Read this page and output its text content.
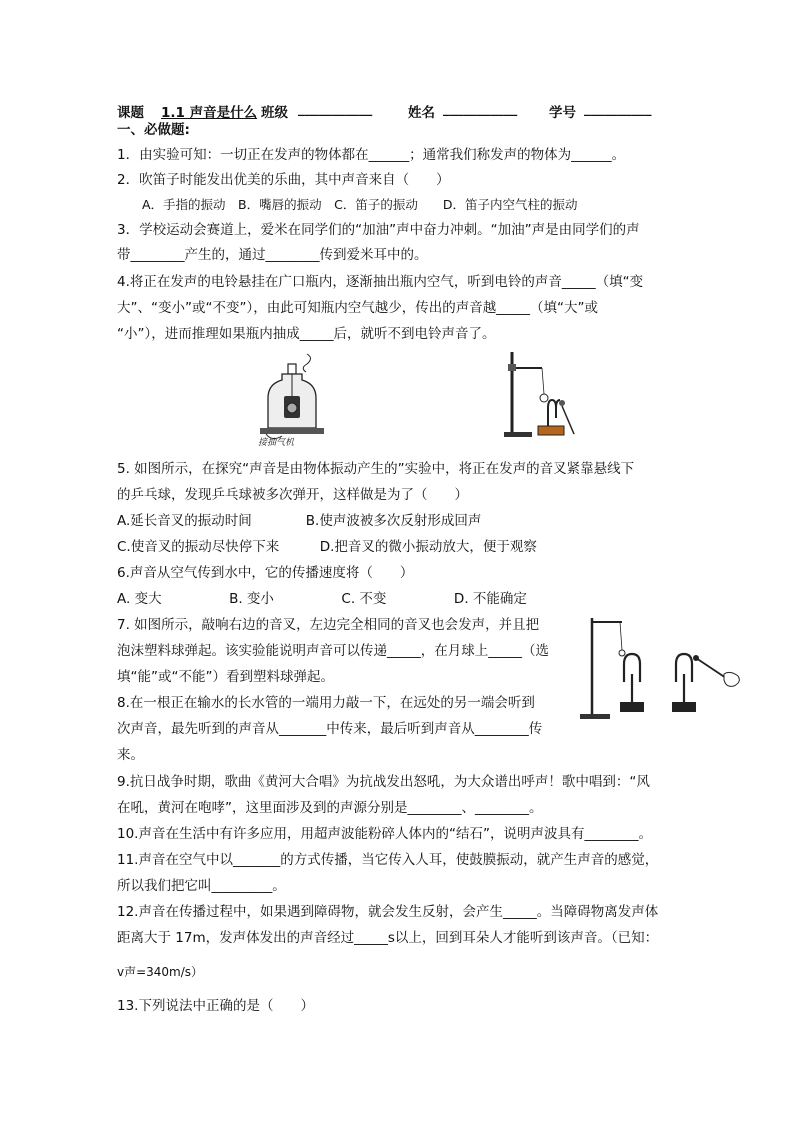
课题 1.1 声音是什么 班级 ___________	姓名 ___________ 学号 __________
一、必做题:
1．由实验可知：一切正在发声的物体都在______；通常我们称发声的物体为______。
2．吹笛子时能发出优美的乐曲，其中声音来自（　　）
　　A．手指的振动　B．嘴唇的振动　C．笛子的振动　　D．笛子内空气柱的振动
3．学校运动会赛道上，爱米在同学们的“加油”声中奋力冲刺。“加油”声是由同学们的声
带________产生的，通过________传到爱米耳中的。
4.将正在发声的电铃悬挂在广口瓶内，逐渐抽出瓶内空气，听到电铃的声音_____（填“变
大”、“变小”或“不变”），由此可知瓶内空气越少，传出的声音越_____（填“大”或
“小”），进而推理如果瓶内抽成_____后，就听不到电铃声音了。
接抽气机
5. 如图所示，在探究“声音是由物体振动产生的”实验中，将正在发声的音叉紧靠悬线下
的乒乓球，发现乒乓球被多次弹开，这样做是为了（　　）
A.延长音叉的振动时间　　　　B.使声波被多次反射形成回声
C.使音叉的振动尽快停下来　　　D.把音叉的微小振动放大，便于观察
6.声音从空气传到水中，它的传播速度将（　　）
A. 变大　　　　　B. 变小　　　　　C. 不变　　　　　D. 不能确定
7. 如图所示，敲响右边的音叉，左边完全相同的音叉也会发声，并且把
泡沫塑料球弹起。该实验能说明声音可以传递_____，在月球上_____（选
填“能”或“不能”）看到塑料球弹起。
8.在一根正在输水的长水管的一端用力敲一下，在远处的另一端会听到
次声音，最先听到的声音从_______中传来，最后听到声音从________传
来。
9.抗日战争时期，歌曲《黄河大合唱》为抗战发出怒吼，为大众谱出呼声！歌中唱到：“风
在吼，黄河在咆哮”，这里面涉及到的声源分别是________、________。
10.声音在生活中有许多应用，用超声波能粉碎人体内的“结石”，说明声波具有________。
11.声音在空气中以_______的方式传播，当它传入人耳，使鼓膜振动，就产生声音的感觉，
所以我们把它叫_________。
12.声音在传播过程中，如果遇到障碍物，就会发生反射，会产生_____。当障碍物离发声体
距离大于 17m，发声体发出的声音经过_____s以上，回到耳朵人才能听到该声音。（已知：
v声=340m/s）
13.下列说法中正确的是（　　）
